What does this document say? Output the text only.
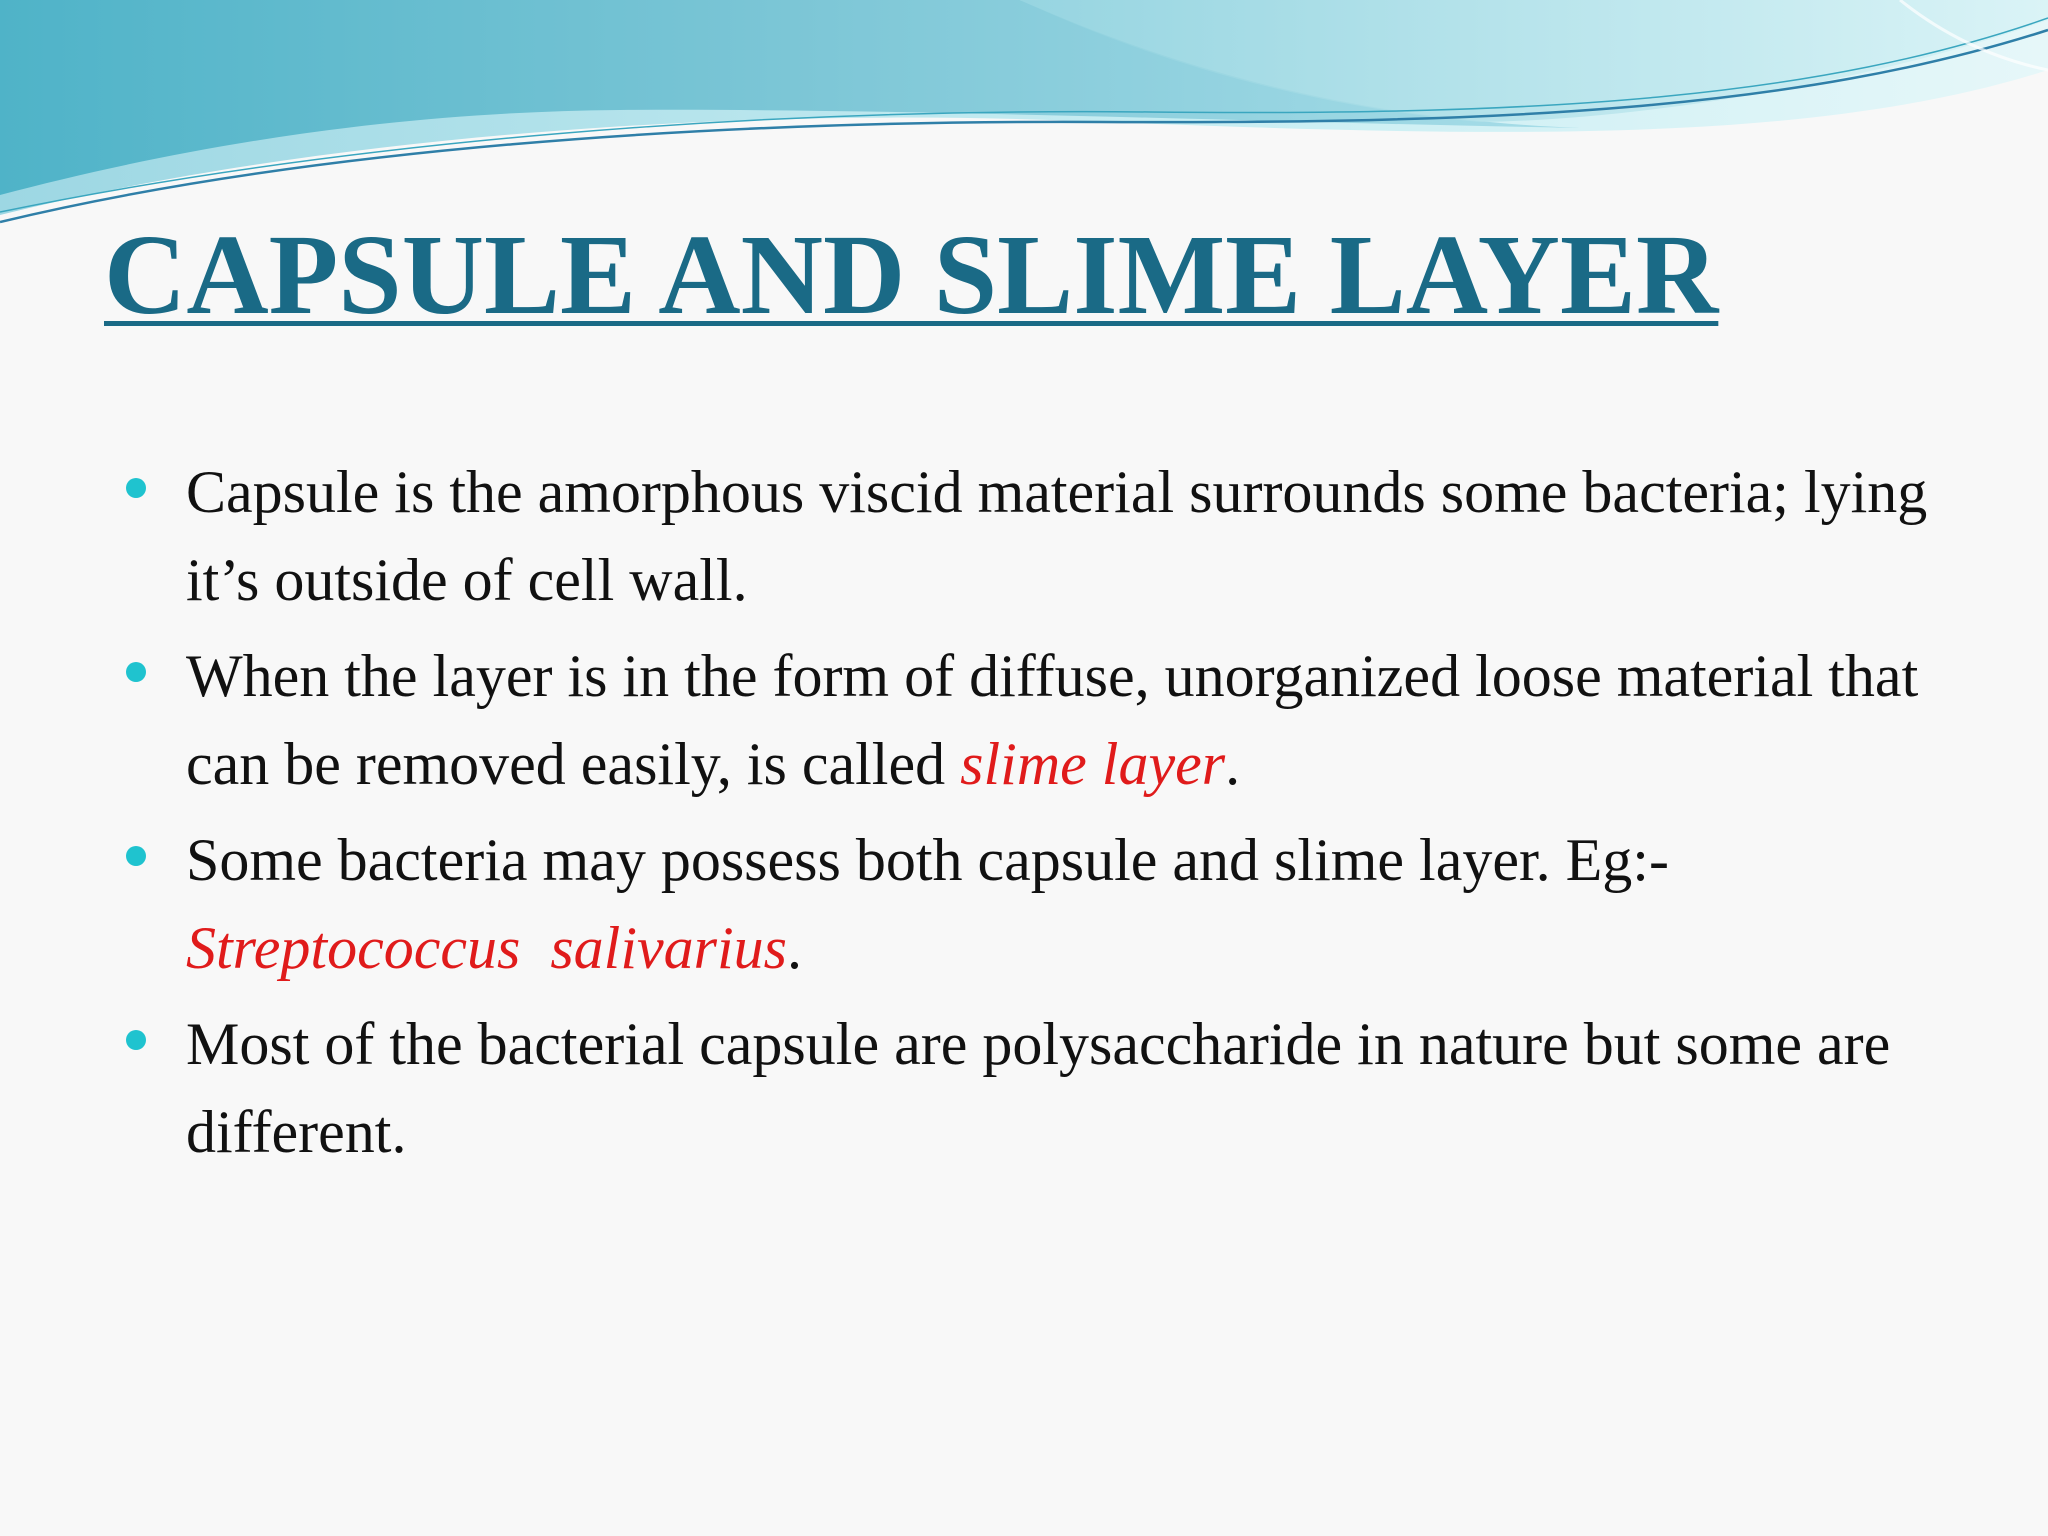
CAPSULE AND SLIME LAYER
Capsule is the amorphous viscid material surrounds some bacteria; lying it’s outside of cell wall.
When the layer is in the form of diffuse, unorganized loose material that can be removed easily, is called slime layer.
Some bacteria may possess both capsule and slime layer. Eg:- Streptococcus  salivarius.
Most of the bacterial capsule are polysaccharide in nature but some are different.
